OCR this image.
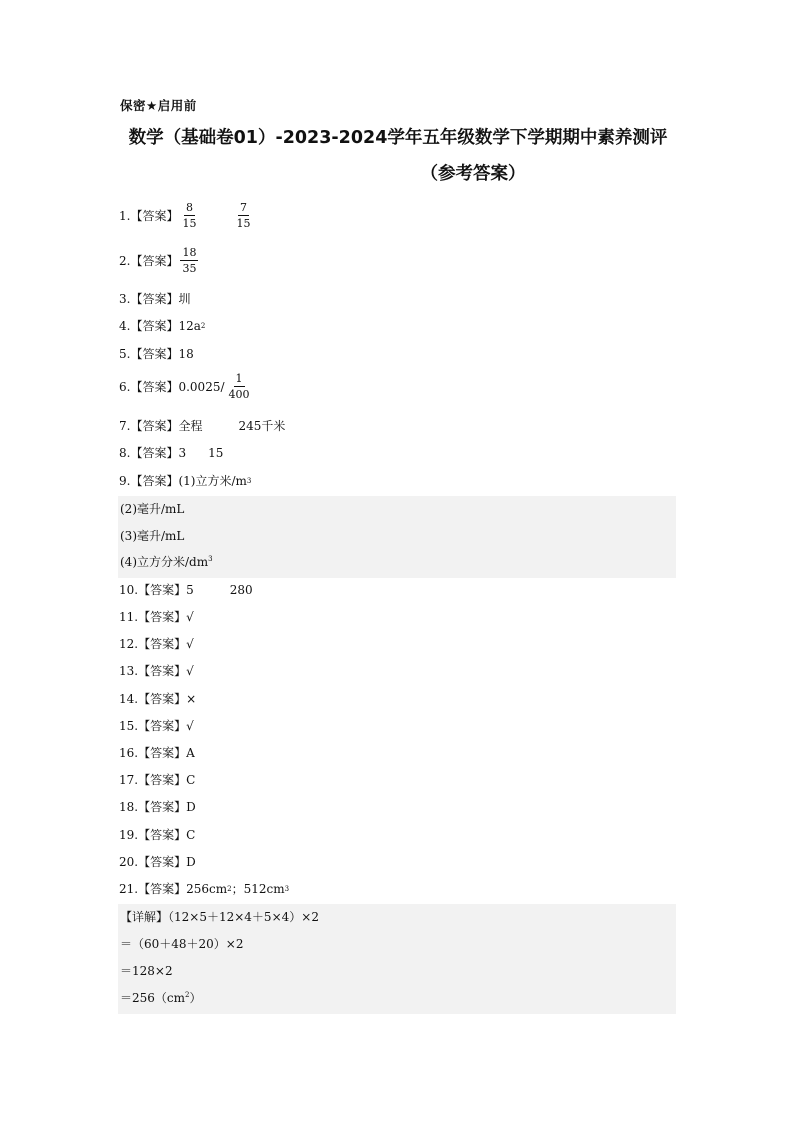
保密★启用前
数学（基础卷01）-2023-2024学年五年级数学下学期期中素养测评
（参考答案）
1. 【答案】 $\frac{8}{15}$	$\frac{7}{15}$
2. 【答案】 $\frac{18}{35}$
3. 【答案】 圳
4. 【答案】 12a 2
5. 【答案】 18
6. 【答案】 $0.0025/ \frac{1}{400}$
7. 【答案】 全程	245千米
8. 【答案】 3 15
9. 【答案】 (1)立方米/m 3
(2)毫升/mL
(3)毫升/mL
(4)立方分米$/dm^3$
10. 【答案】 5	280
11. 【答案】 √
12. 【答案】 √
13. 【答案】 √
14. 【答案】 ×
15. 【答案】 √
16. 【答案】 A
17. 【答案】 C
18. 【答案】 D
19. 【答案】 C
20. 【答案】 D
21. 【答案】 256cm 2 ；512cm 3
【详解】（12×5＋12×4＋5×4）×2
＝（60＋48＋20）×2
＝128×2
$=256(cm^2)$
